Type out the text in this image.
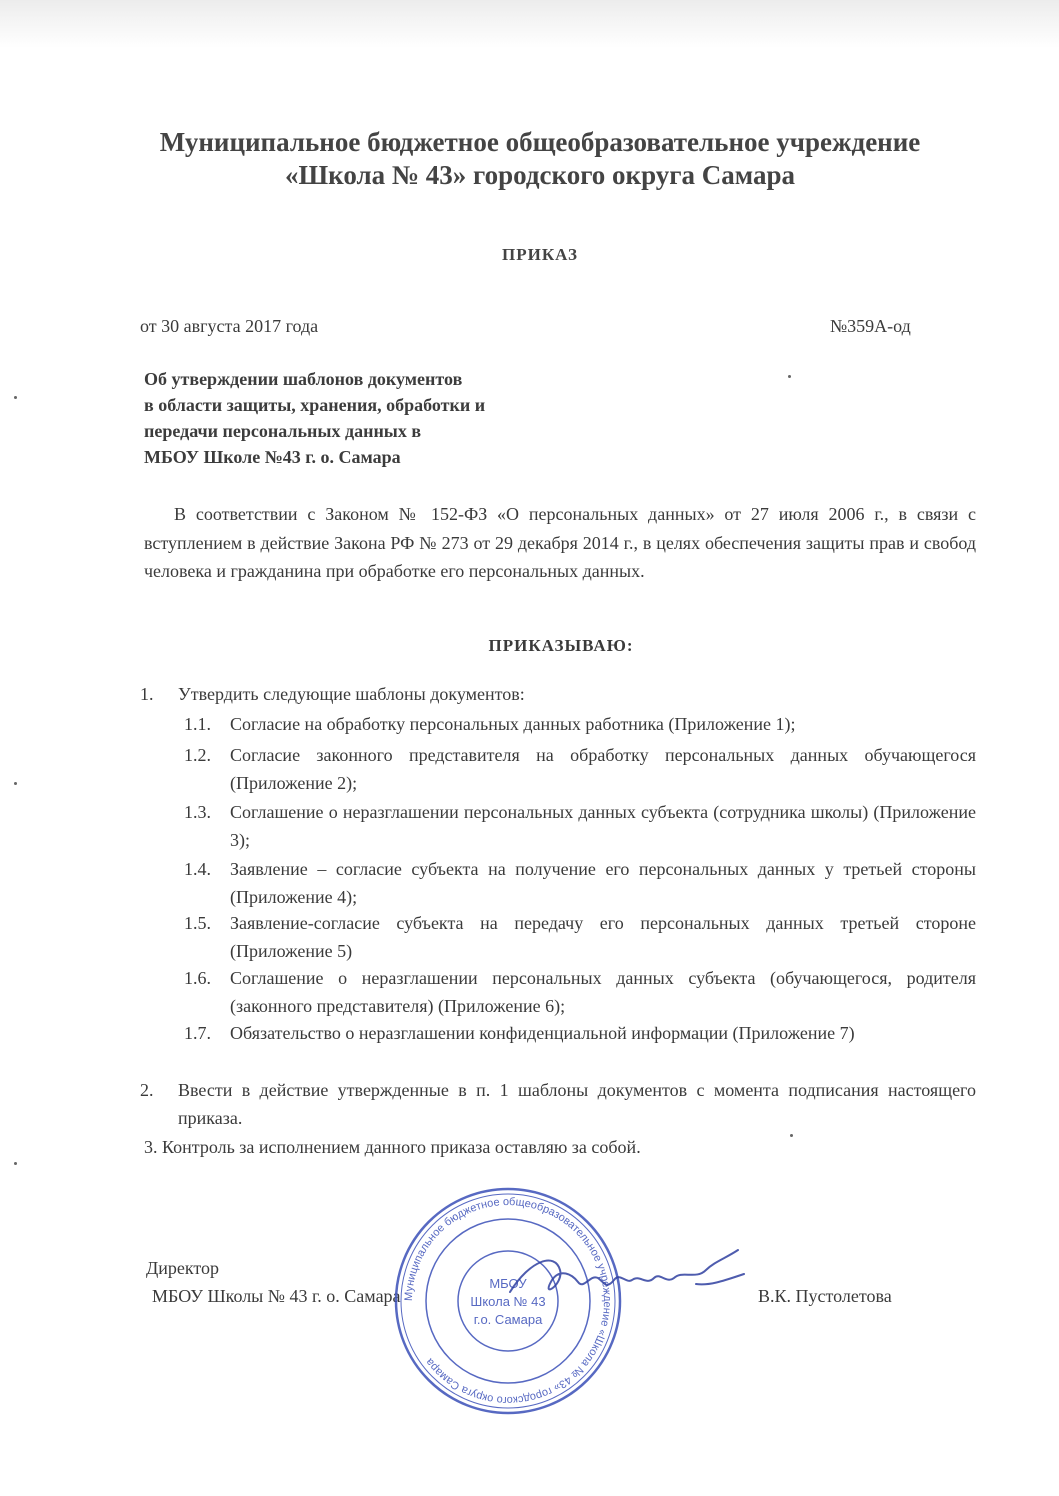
Муниципальное бюджетное общеобразовательное учреждение
«Школа № 43» городского округа Самара
ПРИКАЗ
от 30 августа 2017 года	№359А-од
Об утверждении шаблонов документов
в области защиты, хранения, обработки и
передачи персональных данных в
МБОУ Школе №43 г. о. Самара
В соответствии с Законом № 152-ФЗ «О персональных данных» от 27 июля 2006 г., в связи с вступлением в действие Закона РФ № 273 от 29 декабря 2014 г., в целях обеспечения защиты прав и свобод человека и гражданина при обработке его персональных данных.
ПРИКАЗЫВАЮ:
1.	Утвердить следующие шаблоны документов:
1.1.	Согласие на обработку персональных данных работника (Приложение 1);
1.2.	Согласие законного представителя на обработку персональных данных обучающегося (Приложение 2);
1.3.	Соглашение о неразглашении персональных данных субъекта (сотрудника школы) (Приложение 3);
1.4.	Заявление – согласие субъекта на получение его персональных данных у третьей стороны (Приложение 4);
1.5.	Заявление-согласие субъекта на передачу его персональных данных третьей стороне (Приложение 5)
1.6.	Соглашение о неразглашении персональных данных субъекта (обучающегося, родителя (законного представителя) (Приложение 6);
1.7.	Обязательство о неразглашении конфиденциальной информации (Приложение 7)
2.	Ввести в действие утвержденные в п. 1 шаблоны документов с момента подписания настоящего приказа.
3. Контроль за исполнением данного приказа оставляю за собой.
Директор
МБОУ Школы № 43 г. о. Самара	В.К. Пустолетова
Муниципальное бюджетное общеобразовательное учреждение «Школа № 43» городского округа Самара
МБОУ
Школа № 43
г.о. Самара
